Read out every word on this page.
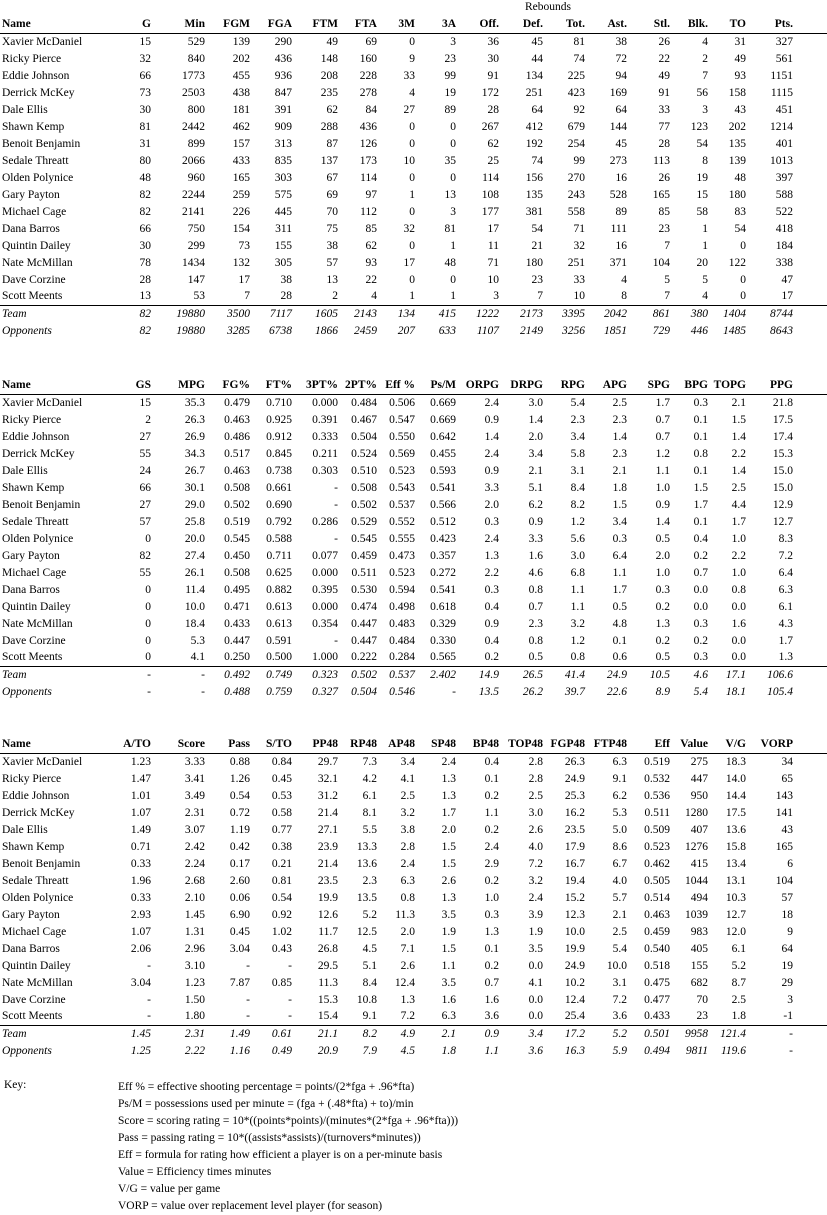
Rebounds
Name	G	Min	FGM	FGA	FTM	FTA	3M	3A	Off.	Def.	Tot.	Ast.	Stl.	Blk.	TO	Pts.	
Xavier McDaniel	15	529	139	290	49	69	0	3	36	45	81	38	26	4	31	327	
Ricky Pierce	32	840	202	436	148	160	9	23	30	44	74	72	22	2	49	561	
Eddie Johnson	66	1773	455	936	208	228	33	99	91	134	225	94	49	7	93	1151	
Derrick McKey	73	2503	438	847	235	278	4	19	172	251	423	169	91	56	158	1115	
Dale Ellis	30	800	181	391	62	84	27	89	28	64	92	64	33	3	43	451	
Shawn Kemp	81	2442	462	909	288	436	0	0	267	412	679	144	77	123	202	1214	
Benoit Benjamin	31	899	157	313	87	126	0	0	62	192	254	45	28	54	135	401	
Sedale Threatt	80	2066	433	835	137	173	10	35	25	74	99	273	113	8	139	1013	
Olden Polynice	48	960	165	303	67	114	0	0	114	156	270	16	26	19	48	397	
Gary Payton	82	2244	259	575	69	97	1	13	108	135	243	528	165	15	180	588	
Michael Cage	82	2141	226	445	70	112	0	3	177	381	558	89	85	58	83	522	
Dana Barros	66	750	154	311	75	85	32	81	17	54	71	111	23	1	54	418	
Quintin Dailey	30	299	73	155	38	62	0	1	11	21	32	16	7	1	0	184	
Nate McMillan	78	1434	132	305	57	93	17	48	71	180	251	371	104	20	122	338	
Dave Corzine	28	147	17	38	13	22	0	0	10	23	33	4	5	5	0	47	
Scott Meents	13	53	7	28	2	4	1	1	3	7	10	8	7	4	0	17	
Team	82	19880	3500	7117	1605	2143	134	415	1222	2173	3395	2042	861	380	1404	8744	
Opponents	82	19880	3285	6738	1866	2459	207	633	1107	2149	3256	1851	729	446	1485	8643	
Name	GS	MPG	FG%	FT%	3PT%	2PT%	Eff %	Ps/M	ORPG	DRPG	RPG	APG	SPG	BPG	TOPG	PPG	
Xavier McDaniel	15	35.3	0.479	0.710	0.000	0.484	0.506	0.669	2.4	3.0	5.4	2.5	1.7	0.3	2.1	21.8	
Ricky Pierce	2	26.3	0.463	0.925	0.391	0.467	0.547	0.669	0.9	1.4	2.3	2.3	0.7	0.1	1.5	17.5	
Eddie Johnson	27	26.9	0.486	0.912	0.333	0.504	0.550	0.642	1.4	2.0	3.4	1.4	0.7	0.1	1.4	17.4	
Derrick McKey	55	34.3	0.517	0.845	0.211	0.524	0.569	0.455	2.4	3.4	5.8	2.3	1.2	0.8	2.2	15.3	
Dale Ellis	24	26.7	0.463	0.738	0.303	0.510	0.523	0.593	0.9	2.1	3.1	2.1	1.1	0.1	1.4	15.0	
Shawn Kemp	66	30.1	0.508	0.661	-	0.508	0.543	0.541	3.3	5.1	8.4	1.8	1.0	1.5	2.5	15.0	
Benoit Benjamin	27	29.0	0.502	0.690	-	0.502	0.537	0.566	2.0	6.2	8.2	1.5	0.9	1.7	4.4	12.9	
Sedale Threatt	57	25.8	0.519	0.792	0.286	0.529	0.552	0.512	0.3	0.9	1.2	3.4	1.4	0.1	1.7	12.7	
Olden Polynice	0	20.0	0.545	0.588	-	0.545	0.555	0.423	2.4	3.3	5.6	0.3	0.5	0.4	1.0	8.3	
Gary Payton	82	27.4	0.450	0.711	0.077	0.459	0.473	0.357	1.3	1.6	3.0	6.4	2.0	0.2	2.2	7.2	
Michael Cage	55	26.1	0.508	0.625	0.000	0.511	0.523	0.272	2.2	4.6	6.8	1.1	1.0	0.7	1.0	6.4	
Dana Barros	0	11.4	0.495	0.882	0.395	0.530	0.594	0.541	0.3	0.8	1.1	1.7	0.3	0.0	0.8	6.3	
Quintin Dailey	0	10.0	0.471	0.613	0.000	0.474	0.498	0.618	0.4	0.7	1.1	0.5	0.2	0.0	0.0	6.1	
Nate McMillan	0	18.4	0.433	0.613	0.354	0.447	0.483	0.329	0.9	2.3	3.2	4.8	1.3	0.3	1.6	4.3	
Dave Corzine	0	5.3	0.447	0.591	-	0.447	0.484	0.330	0.4	0.8	1.2	0.1	0.2	0.2	0.0	1.7	
Scott Meents	0	4.1	0.250	0.500	1.000	0.222	0.284	0.565	0.2	0.5	0.8	0.6	0.5	0.3	0.0	1.3	
Team	-	-	0.492	0.749	0.323	0.502	0.537	2.402	14.9	26.5	41.4	24.9	10.5	4.6	17.1	106.6	
Opponents	-	-	0.488	0.759	0.327	0.504	0.546	-	13.5	26.2	39.7	22.6	8.9	5.4	18.1	105.4	
Name	A/TO	Score	Pass	S/TO	PP48	RP48	AP48	SP48	BP48	TOP48	FGP48	FTP48	Eff	Value	V/G	VORP	
Xavier McDaniel	1.23	3.33	0.88	0.84	29.7	7.3	3.4	2.4	0.4	2.8	26.3	6.3	0.519	275	18.3	34	
Ricky Pierce	1.47	3.41	1.26	0.45	32.1	4.2	4.1	1.3	0.1	2.8	24.9	9.1	0.532	447	14.0	65	
Eddie Johnson	1.01	3.49	0.54	0.53	31.2	6.1	2.5	1.3	0.2	2.5	25.3	6.2	0.536	950	14.4	143	
Derrick McKey	1.07	2.31	0.72	0.58	21.4	8.1	3.2	1.7	1.1	3.0	16.2	5.3	0.511	1280	17.5	141	
Dale Ellis	1.49	3.07	1.19	0.77	27.1	5.5	3.8	2.0	0.2	2.6	23.5	5.0	0.509	407	13.6	43	
Shawn Kemp	0.71	2.42	0.42	0.38	23.9	13.3	2.8	1.5	2.4	4.0	17.9	8.6	0.523	1276	15.8	165	
Benoit Benjamin	0.33	2.24	0.17	0.21	21.4	13.6	2.4	1.5	2.9	7.2	16.7	6.7	0.462	415	13.4	6	
Sedale Threatt	1.96	2.68	2.60	0.81	23.5	2.3	6.3	2.6	0.2	3.2	19.4	4.0	0.505	1044	13.1	104	
Olden Polynice	0.33	2.10	0.06	0.54	19.9	13.5	0.8	1.3	1.0	2.4	15.2	5.7	0.514	494	10.3	57	
Gary Payton	2.93	1.45	6.90	0.92	12.6	5.2	11.3	3.5	0.3	3.9	12.3	2.1	0.463	1039	12.7	18	
Michael Cage	1.07	1.31	0.45	1.02	11.7	12.5	2.0	1.9	1.3	1.9	10.0	2.5	0.459	983	12.0	9	
Dana Barros	2.06	2.96	3.04	0.43	26.8	4.5	7.1	1.5	0.1	3.5	19.9	5.4	0.540	405	6.1	64	
Quintin Dailey	-	3.10	-	-	29.5	5.1	2.6	1.1	0.2	0.0	24.9	10.0	0.518	155	5.2	19	
Nate McMillan	3.04	1.23	7.87	0.85	11.3	8.4	12.4	3.5	0.7	4.1	10.2	3.1	0.475	682	8.7	29	
Dave Corzine	-	1.50	-	-	15.3	10.8	1.3	1.6	1.6	0.0	12.4	7.2	0.477	70	2.5	3	
Scott Meents	-	1.80	-	-	15.4	9.1	7.2	6.3	3.6	0.0	25.4	3.6	0.433	23	1.8	-1	
Team	1.45	2.31	1.49	0.61	21.1	8.2	4.9	2.1	0.9	3.4	17.2	5.2	0.501	9958	121.4	-	
Opponents	1.25	2.22	1.16	0.49	20.9	7.9	4.5	1.8	1.1	3.6	16.3	5.9	0.494	9811	119.6	-	
Key:	Eff % = effective shooting percentage = points/(2*fga + .96*fta)
Ps/M = possessions used per minute = (fga + (.48*fta) + to)/min
Score = scoring rating = 10*((points*points)/(minutes*(2*fga + .96*fta)))
Pass = passing rating = 10*((assists*assists)/(turnovers*minutes))
Eff = formula for rating how efficient a player is on a per-minute basis
Value = Efficiency times minutes
V/G = value per game
VORP = value over replacement level player (for season)
